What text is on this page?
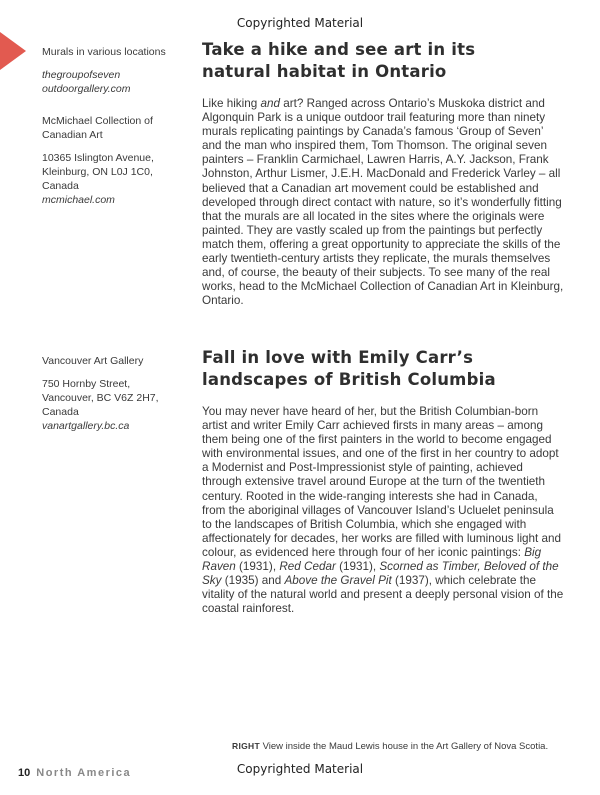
Copyrighted Material

Murals in various locations

thegroupofseven outdoorgallery.com

McMichael Collection of Canadian Art

10365 Islington Avenue, Kleinburg, ON L0J 1C0, Canada

mcmichael.com

Vancouver Art Gallery

750 Hornby Street, Vancouver, BC V6Z 2H7, Canada

vanartgallery.bc.ca

Take a hike and see art in its natural habitat in Ontario

Like hiking and art? Ranged across Ontario’s Muskoka district and Algonquin Park is a unique outdoor trail featuring more than ninety murals replicating paintings by Canada’s famous ‘Group of Seven’ and the man who inspired them, Tom Thomson. The original seven painters – Franklin Carmichael, Lawren Harris, A.Y. Jackson, Frank Johnston, Arthur Lismer, J.E.H. MacDonald and Frederick Varley – all believed that a Canadian art movement could be established and developed through direct contact with nature, so it’s wonderfully fitting that the murals are all located in the sites where the originals were painted. They are vastly scaled up from the paintings but perfectly match them, offering a great opportunity to appreciate the skills of the early twentieth-century artists they replicate, the murals themselves and, of course, the beauty of their subjects. To see many of the real works, head to the McMichael Collection of Canadian Art in Kleinburg, Ontario.

Fall in love with Emily Carr’s landscapes of British Columbia

You may never have heard of her, but the British Columbian-born artist and writer Emily Carr achieved firsts in many areas – among them being one of the first painters in the world to become engaged with environmental issues, and one of the first in her country to adopt a Modernist and Post-Impressionist style of painting, achieved through extensive travel around Europe at the turn of the twentieth century. Rooted in the wide-ranging interests she had in Canada, from the aboriginal villages of Vancouver Island’s Ucluelet peninsula to the landscapes of British Columbia, which she engaged with affectionately for decades, her works are filled with luminous light and colour, as evidenced here through four of her iconic paintings: Big Raven (1931), Red Cedar (1931), Scorned as Timber, Beloved of the Sky (1935) and Above the Gravel Pit (1937), which celebrate the vitality of the natural world and present a deeply personal vision of the coastal rainforest.

RIGHT View inside the Maud Lewis house in the Art Gallery of Nova Scotia.
10 North America	Copyrighted Material
